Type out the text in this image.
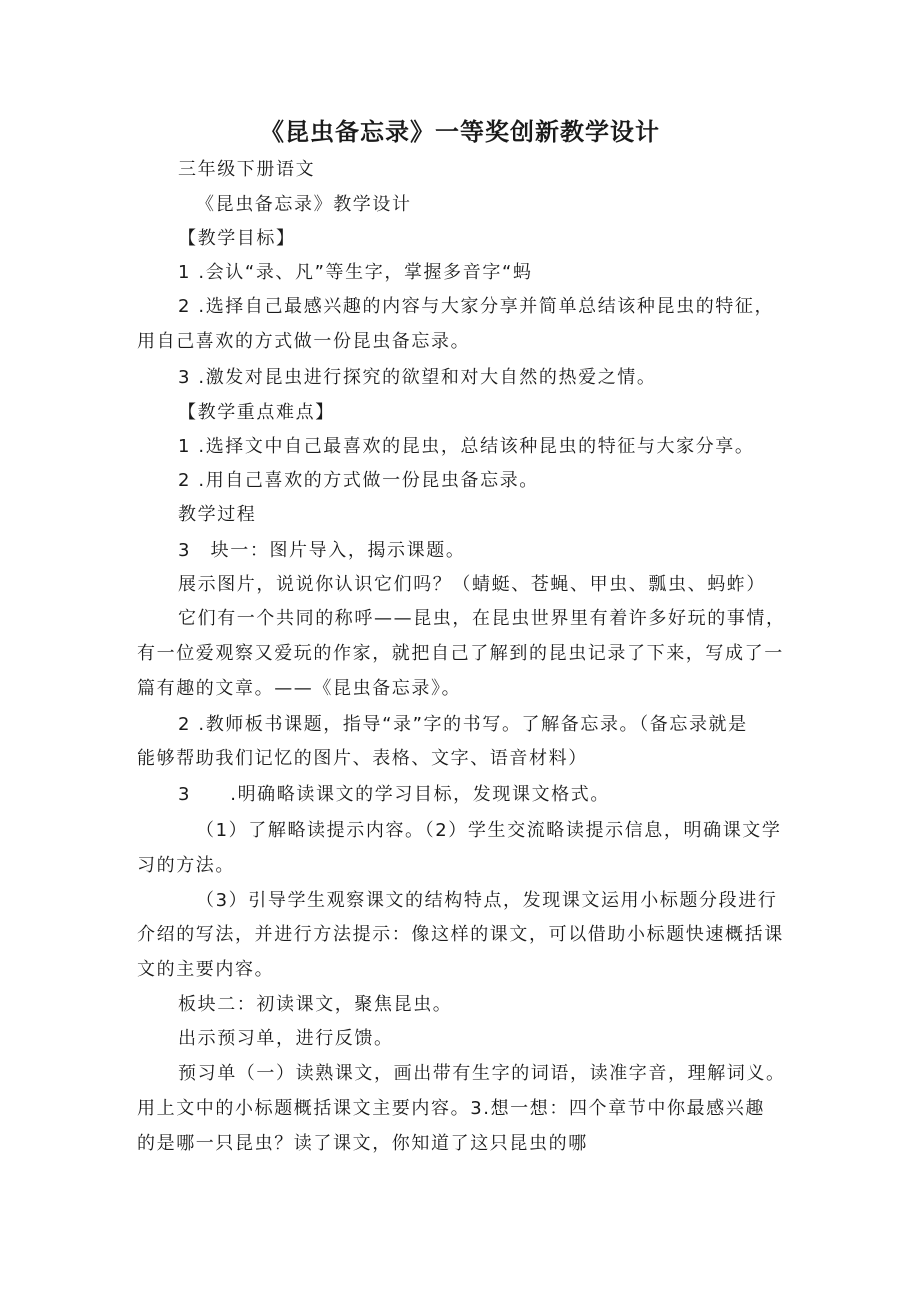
《昆虫备忘录》一等奖创新教学设计
三年级下册语文
《昆虫备忘录》教学设计
【教学目标】
1 .会认“录、凡”等生字，掌握多音字“蚂
2 .选择自己最感兴趣的内容与大家分享并简单总结该种昆虫的特征，
用自己喜欢的方式做一份昆虫备忘录。
3 .激发对昆虫进行探究的欲望和对大自然的热爱之情。
【教学重点难点】
1 .选择文中自己最喜欢的昆虫，总结该种昆虫的特征与大家分享。
2 .用自己喜欢的方式做一份昆虫备忘录。
教学过程
3　块一：图片导入，揭示课题。
展示图片，说说你认识它们吗？（蜻蜓、苍蝇、甲虫、瓢虫、蚂蚱）
它们有一个共同的称呼——昆虫，在昆虫世界里有着许多好玩的事情，
有一位爱观察又爱玩的作家，就把自己了解到的昆虫记录了下来，写成了一
篇有趣的文章。——《昆虫备忘录》。
2 .教师板书课题，指导“录”字的书写。了解备忘录。（备忘录就是
能够帮助我们记忆的图片、表格、文字、语音材料）
3　　.明确略读课文的学习目标，发现课文格式。
（1）了解略读提示内容。（2）学生交流略读提示信息，明确课文学
习的方法。
（3）引导学生观察课文的结构特点，发现课文运用小标题分段进行
介绍的写法，并进行方法提示：像这样的课文，可以借助小标题快速概括课
文的主要内容。
板块二：初读课文，聚焦昆虫。
出示预习单，进行反馈。
预习单（一）读熟课文，画出带有生字的词语，读准字音，理解词义。
用上文中的小标题概括课文主要内容。3.想一想：四个章节中你最感兴趣
的是哪一只昆虫？读了课文，你知道了这只昆虫的哪
